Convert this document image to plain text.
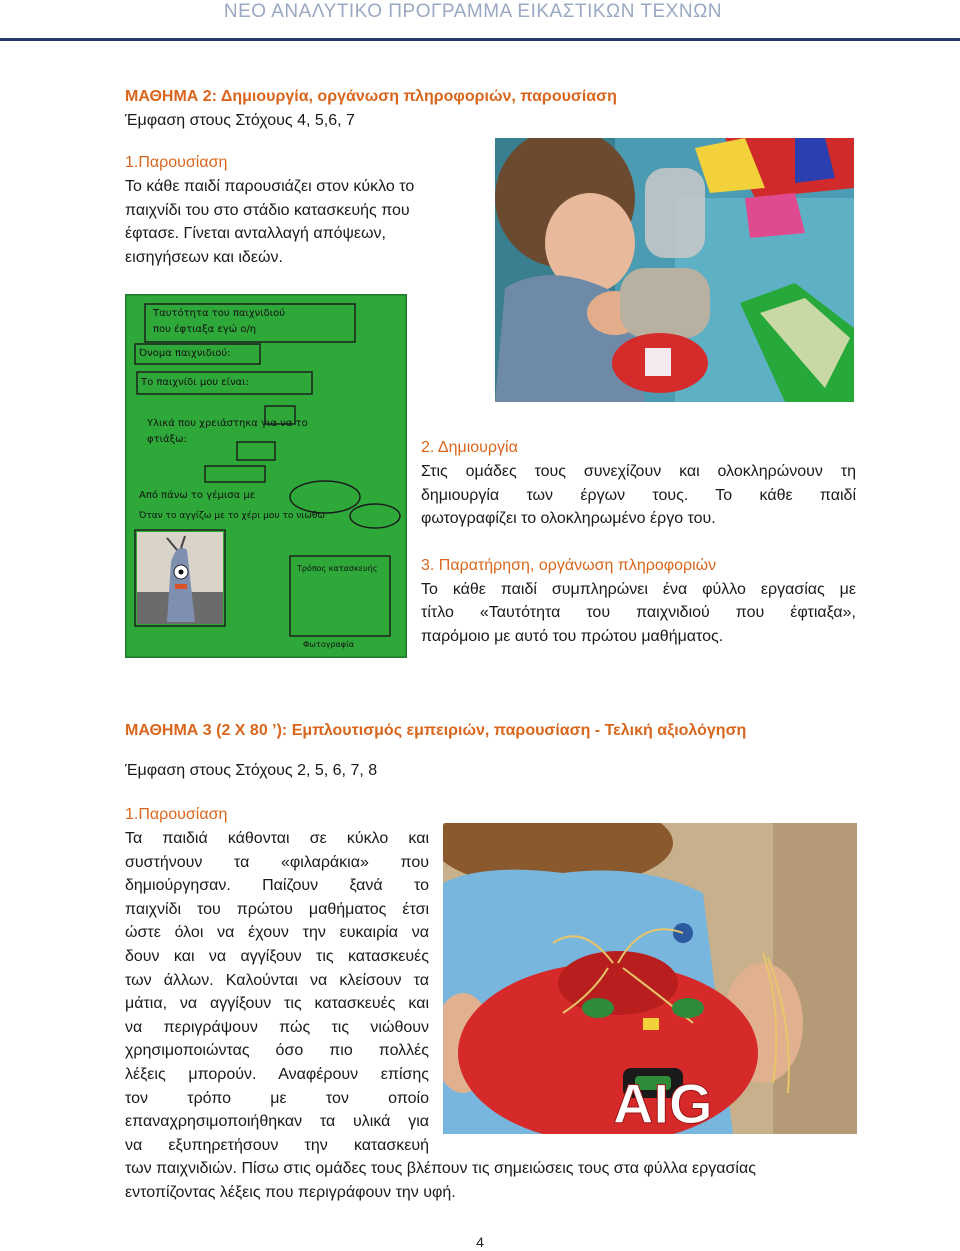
ΝΕΟ ΑΝΑΛΥΤΙΚΟ ΠΡΟΓΡΑΜΜΑ ΕΙΚΑΣΤΙΚΩΝ ΤΕΧΝΩΝ
ΜΑΘΗΜΑ 2: Δημιουργία, οργάνωση πληροφοριών, παρουσίαση
Έμφαση στους Στόχους 4, 5,6, 7
1.Παρουσίαση
Το κάθε παιδί παρουσιάζει στον κύκλο το
παιχνίδι του στο στάδιο κατασκευής που
έφτασε. Γίνεται ανταλλαγή απόψεων,
εισηγήσεων και ιδεών.
Ταυτότητα του παιχνιδιού
που έφτιαξα εγώ ο/η
Όνομα παιχνιδιού:
Το παιχνίδι μου είναι:
Υλικά που χρειάστηκα για να το
φτιάξω:
Από πάνω το γέμισα με
Όταν το αγγίζω με το χέρι μου το νιώθω
Τρόπος κατασκευής
Φωτογραφία
2. Δημιουργία
Στις ομάδες τους συνεχίζουν και ολοκληρώνουν τη
δημιουργία των έργων τους. Το κάθε παιδί
φωτογραφίζει το ολοκληρωμένο έργο του.
3. Παρατήρηση, οργάνωση πληροφοριών
Το κάθε παιδί συμπληρώνει ένα φύλλο εργασίας με
τίτλο «Ταυτότητα του παιχνιδιού που έφτιαξα»,
παρόμοιο με αυτό του πρώτου μαθήματος.
ΜΑΘΗΜΑ 3 (2 Χ 80 ’): Εμπλουτισμός εμπειριών, παρουσίαση - Τελική αξιολόγηση
Έμφαση στους Στόχους 2, 5, 6, 7, 8
1.Παρουσίαση
Τα παιδιά κάθονται σε κύκλο και
συστήνουν τα «φιλαράκια» που
δημιούργησαν. Παίζουν ξανά το
παιχνίδι του πρώτου μαθήματος έτσι
ώστε όλοι να έχουν την ευκαιρία να
δουν και να αγγίξουν τις κατασκευές
των άλλων. Καλούνται να κλείσουν τα
μάτια, να αγγίξουν τις κατασκευές και
να περιγράψουν πώς τις νιώθουν
χρησιμοποιώντας όσο πιο πολλές
λέξεις μπορούν. Αναφέρουν επίσης
τον τρόπο με τον οποίο
επαναχρησιμοποιήθηκαν τα υλικά για
να εξυπηρετήσουν την κατασκευή
των παιχνιδιών. Πίσω στις ομάδες τους βλέπουν τις σημειώσεις τους στα φύλλα εργασίας
εντοπίζοντας λέξεις που περιγράφουν την υφή.
AIG
4
